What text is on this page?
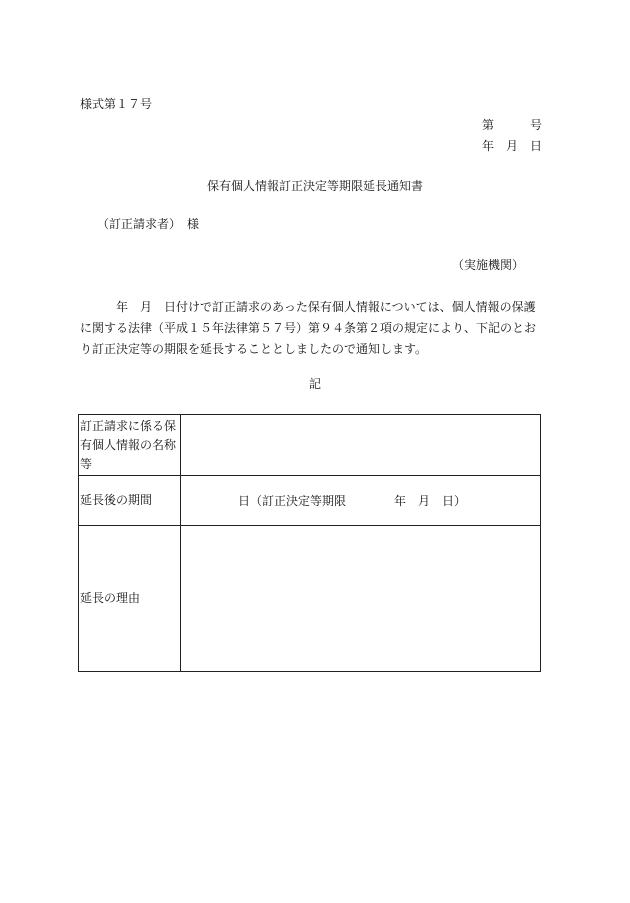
様式第１７号
第　　　号
年　月　日
保有個人情報訂正決定等期限延長通知書
（訂正請求者）　様
（実施機関）
　　　年　月　日付けで訂正請求のあった保有個人情報については、個人情報の保護に関する法律（平成１５年法律第５７号）第９４条第２項の規定により、下記のとおり訂正決定等の期限を延長することとしましたので通知します。
記
訂正請求に係る保有個人情報の名称等	
延長後の期間	日（訂正決定等期限 年　月　日）

延長の理由	
